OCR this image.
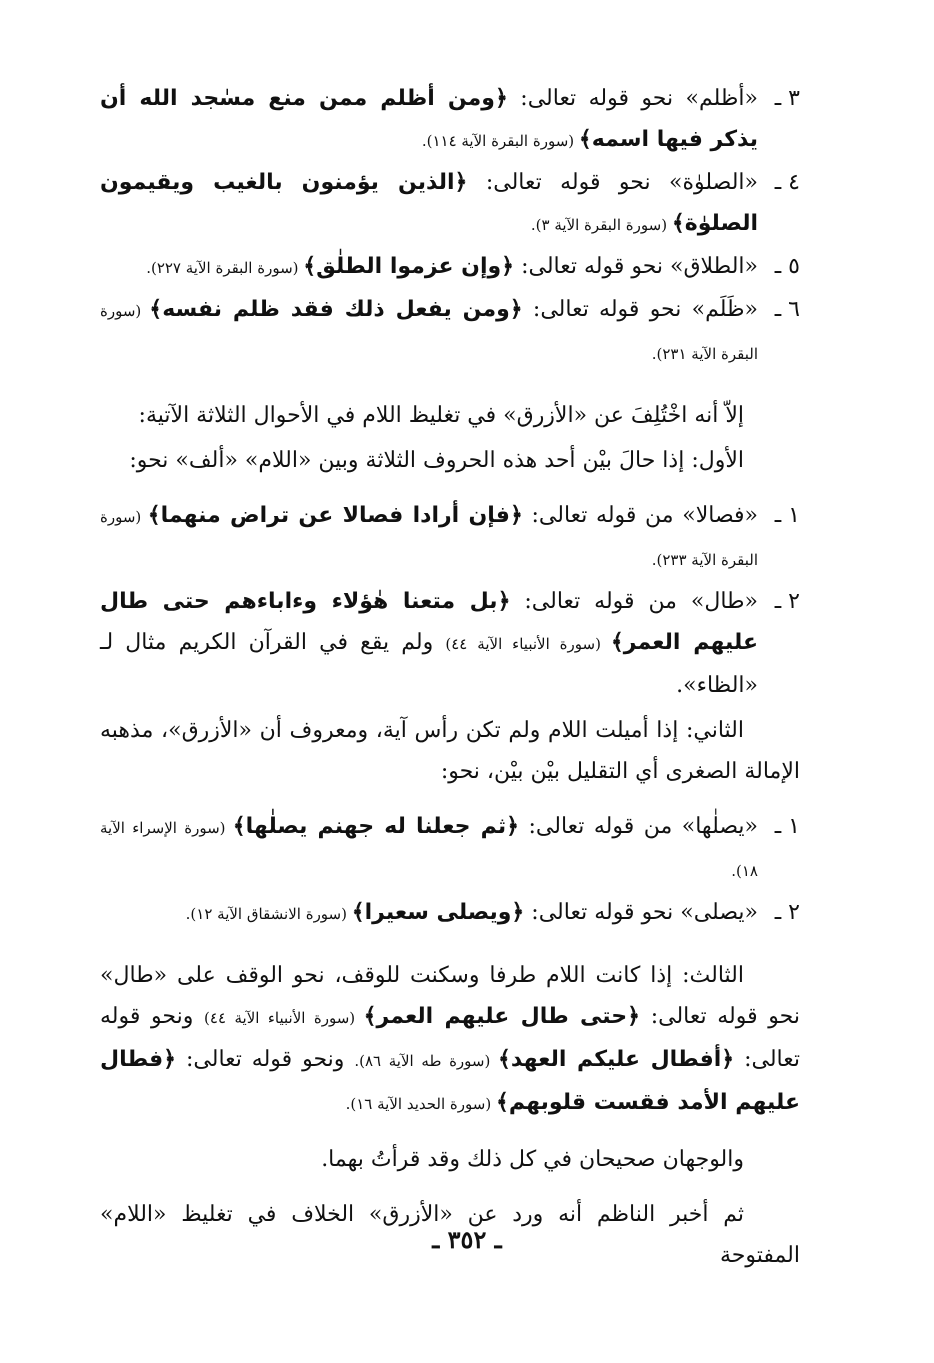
٣ ـ
«أظلم» نحو قوله تعالى: ﴿ومن أظلم ممن منع مسٰجد الله أن يذكر فيها اسمه﴾ (سورة البقرة الآية ١١٤).
٤ ـ
«الصلوٰة» نحو قوله تعالى: ﴿الذين يؤمنون بالغيب ويقيمون الصلوٰة﴾ (سورة البقرة الآية ٣).
٥ ـ
«الطلاق» نحو قوله تعالى: ﴿وإن عزموا الطلٰق﴾ (سورة البقرة الآية ٢٢٧).
٦ ـ
«ظَلَم» نحو قوله تعالى: ﴿ومن يفعل ذلك فقد ظلم نفسه﴾ (سورة البقرة الآية ٢٣١).

إلاّ أنه اخْتُلِفَ عن «الأزرق» في تغليظ اللام في الأحوال الثلاثة الآتية:

الأول: إذا حالَ بيْن أحد هذه الحروف الثلاثة وبين «اللام» «ألف» نحو:

١ ـ
«فصالا» من قوله تعالى: ﴿فإن أرادا فصالا عن تراض منهما﴾ (سورة البقرة الآية ٢٣٣).
٢ ـ
«طال» من قوله تعالى: ﴿بل متعنا هٰؤلاء وءاباءهم حتى طال عليهم العمر﴾ (سورة الأنبياء الآية ٤٤) ولم يقع في القرآن الكريم مثال لـ «الظاء».

الثاني: إذا أميلت اللام ولم تكن رأس آية، ومعروف أن «الأزرق»، مذهبه الإمالة الصغرى أي التقليل بيْن بيْن، نحو:

١ ـ
«يصلٰها» من قوله تعالى: ﴿ثم جعلنا له جهنم يصلٰها﴾ (سورة الإسراء الآية ١٨).
٢ ـ
«يصلى» نحو قوله تعالى: ﴿ويصلى سعيرا﴾ (سورة الانشقاق الآية ١٢).

الثالث: إذا كانت اللام طرفا وسكنت للوقف، نحو الوقف على «طال» نحو قوله تعالى: ﴿حتى طال عليهم العمر﴾ (سورة الأنبياء الآية ٤٤) ونحو قوله تعالى: ﴿أفطال عليكم العهد﴾ (سورة طه الآية ٨٦). ونحو قوله تعالى: ﴿فطال عليهم الأمد فقست قلوبهم﴾ (سورة الحديد الآية ١٦).

والوجهان صحيحان في كل ذلك وقد قرأتُ بهما.

ثم أخبر الناظم أنه ورد عن «الأزرق» الخلاف في تغليظ «اللام» المفتوحة

ـ ٣٥٢ ـ
